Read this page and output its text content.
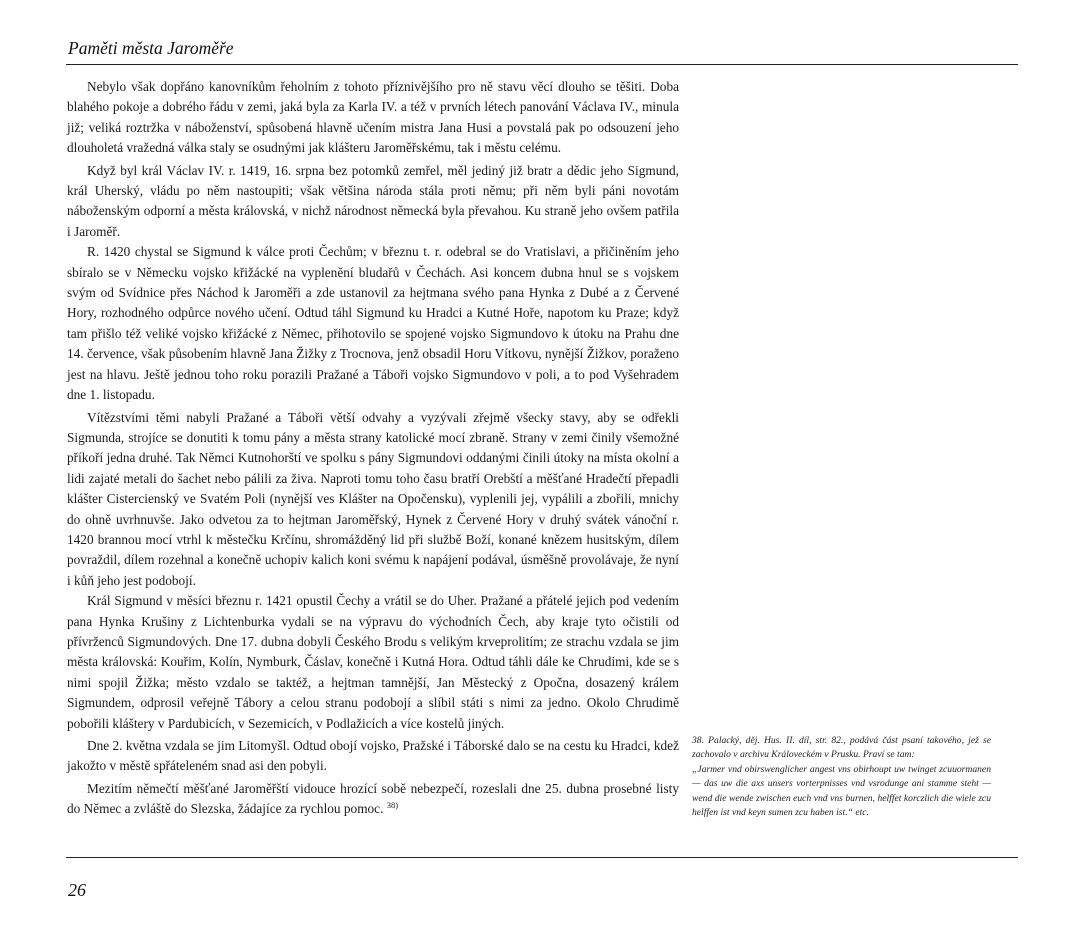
Paměti města Jaroměře

Nebylo však dopřáno kanovníkům řeholním z tohoto příznivějšího pro ně stavu věcí dlouho se těšiti. Doba blahého pokoje a dobrého řádu v zemi, jaká byla za Karla IV. a též v prvních létech panování Václava IV., minula již; veliká roztržka v náboženství, spůsobená hlavně učením mistra Jana Husi a povstalá pak po odsouzení jeho dlouholetá vražedná válka staly se osudnými jak klášteru Jaroměřskému, tak i městu celému.

Když byl král Václav IV. r. 1419, 16. srpna bez potomků zemřel, měl jediný již bratr a dědic jeho Sigmund, král Uherský, vládu po něm nastoupiti; však většina národa stála proti němu; při něm byli páni novotám náboženským odporní a města královská, v nichž národnost německá byla převahou. Ku straně jeho ovšem patřila i Jaroměř.

R. 1420 chystal se Sigmund k válce proti Čechům; v březnu t. r. odebral se do Vratislavi, a přičiněním jeho sbíralo se v Německu vojsko křižácké na vyplenění bludařů v Čechách. Asi koncem dubna hnul se s vojskem svým od Svídnice přes Náchod k Jaroměři a zde ustanovil za hejtmana svého pana Hynka z Dubé a z Červené Hory, rozhodného odpůrce nového učení. Odtud táhl Sigmund ku Hradci a Kutné Hoře, napotom ku Praze; když tam přišlo též veliké vojsko křižácké z Němec, přihotovilo se spojené vojsko Sigmundovo k útoku na Prahu dne 14. července, však působením hlavně Jana Žižky z Trocnova, jenž obsadil Horu Vítkovu, nynější Žižkov, poraženo jest na hlavu. Ještě jednou toho roku porazili Pražané a Táboři vojsko Sigmundovo v poli, a to pod Vyšehradem dne 1. listopadu.

Vítězstvími těmi nabyli Pražané a Táboři větší odvahy a vyzývali zřejmě všecky stavy, aby se odřekli Sigmunda, strojíce se donutiti k tomu pány a města strany katolické mocí zbraně. Strany v zemi činily všemožné příkoří jedna druhé. Tak Němci Kutnohorští ve spolku s pány Sigmundovi oddanými činili útoky na místa okolní a lidi zajaté metali do šachet nebo pálili za živa. Naproti tomu toho času bratří Orebští a měšťané Hradečtí přepadli klášter Cistercienský ve Svatém Poli (nynější ves Klášter na Opočensku), vyplenili jej, vypálili a zbořili, mnichy do ohně uvrhnuvše. Jako odvetou za to hejtman Jaroměřský, Hynek z Červené Hory v druhý svátek vánoční r. 1420 brannou mocí vtrhl k městečku Krčínu, shromážděný lid při službě Boží, konané knězem husitským, dílem povraždil, dílem rozehnal a konečně uchopiv kalich koni svému k napájení podával, úsměšně provolávaje, že nyní i kůň jeho jest podobojí.

Král Sigmund v měsíci březnu r. 1421 opustil Čechy a vrátil se do Uher. Pražané a přátelé jejich pod vedením pana Hynka Krušiny z Lichtenburka vydali se na výpravu do východních Čech, aby kraje tyto očistili od přívrženců Sigmundových. Dne 17. dubna dobyli Českého Brodu s velikým krveprolitím; ze strachu vzdala se jim města královská: Kouřim, Kolín, Nymburk, Čáslav, konečně i Kutná Hora. Odtud táhli dále ke Chrudimi, kde se s nimi spojil Žižka; město vzdalo se taktéž, a hejtman tamnější, Jan Městecký z Opočna, dosazený králem Sigmundem, odprosil veřejně Tábory a celou stranu podobojí a slíbil státi s nimi za jedno. Okolo Chrudimě pobořili kláštery v Pardubicích, v Sezemicích, v Podlažicích a více kostelů jiných.

Dne 2. května vzdala se jim Litomyšl. Odtud obojí vojsko, Pražské i Táborské dalo se na cestu ku Hradci, kdež jakožto v městě spřáteleném snad asi den pobyli.

Mezitím němečtí měšťané Jaroměřští vidouce hrozící sobě nebezpečí, rozeslali dne 25. dubna prosebné listy do Němec a zvláště do Slezska, žádajíce za rychlou pomoc. $^{38)}$

38. Palacký, děj. Hus. II. díl, str. 82., podává část psaní takového, jež se zachovalo v archivu Královeckém v Prusku. Praví se tam:

„Jarmer vnd obirswenglicher angest vns obirhoupt uw twinget zcuuormanen — das uw die axs unsers vorterpnisses vnd vsrodunge ani stamme steht — wend die wende zwischen euch vnd vns burnen, helffet korczlich die wiele zcu helffen ist vnd keyn sumen zcu haben ist.“ etc.

26
